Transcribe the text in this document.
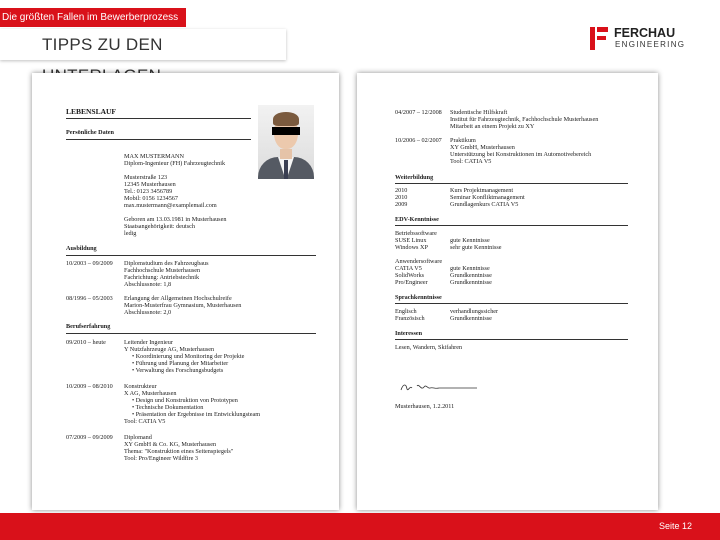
Die größten Fallen im Bewerberprozess
TIPPS ZU DEN
FERCHAU
ENGINEERING
LEBENSLAUF
Persönliche Daten
MAX MUSTERMANN
Diplom-Ingenieur (FH) Fahrzeugtechnik
Musterstraße 123
12345 Musterhausen
Tel.: 0123 3456789
Mobil: 0156 1234567
max.mustermann@examplemail.com
Geboren am 13.03.1981 in Musterhausen
Staatsangehörigkeit: deutsch
ledig
Ausbildung
10/2003 – 09/2009 Diplomstudium des Fahrzeugbaus
Fachhochschule Musterhausen
Fachrichtung: Antriebstechnik
Abschlussnote: 1,8
08/1996 – 05/2003 Erlangung der Allgemeinen Hochschulreife
Marion-Musterfrau Gymnasium, Musterhausen
Abschlussnote: 2,0
Berufserfahrung
09/2010 – heute	Leitender Ingenieur
Y Nutzfahrzeuge AG, Musterhausen
• Koordinierung und Monitoring der Projekte
• Führung und Planung der Mitarbeiter
• Verwaltung des Forschungsbudgets
10/2009 – 08/2010 Konstrukteur
X AG, Musterhausen
• Design und Konstruktion von Prototypen
• Technische Dokumentation
• Präsentation der Ergebnisse im Entwicklungsteam
Tool: CATIA V5
07/2009 – 09/2009 Diplomand
XY GmbH & Co. KG, Musterhausen
Thema: "Konstruktion eines Seitenspiegels"
Tool: Pro/Engineer Wildfire 3
04/2007 – 12/2008 Studentische Hilfskraft
Institut für Fahrzeugtechnik, Fachhochschule Musterhausen
Mitarbeit an einem Projekt zu XY
10/2006 – 02/2007 Praktikum
XY GmbH, Musterhausen
Unterstützung bei Konstruktionen im Automotivebereich
Tool: CATIA V5
Weiterbildung
2010	Kurs Projektmanagement
2010	Seminar Konfliktmanagement
2009	Grundlagenkurs CATIA V5
EDV-Kenntnisse
Betriebssoftware
SUSE Linux	gute Kenntnisse
Windows XP	sehr gute Kenntnisse
Anwendersoftware
CATIA V5	gute Kenntnisse
SolidWorks	Grundkenntnisse
Pro/Engineer	Grundkenntnisse
Sprachkenntnisse
Englisch	verhandlungssicher
Französisch	Grundkenntnisse
Interessen
Lesen, Wandern, Skifahren
Musterhausen, 1.2.2011
Seite 12
